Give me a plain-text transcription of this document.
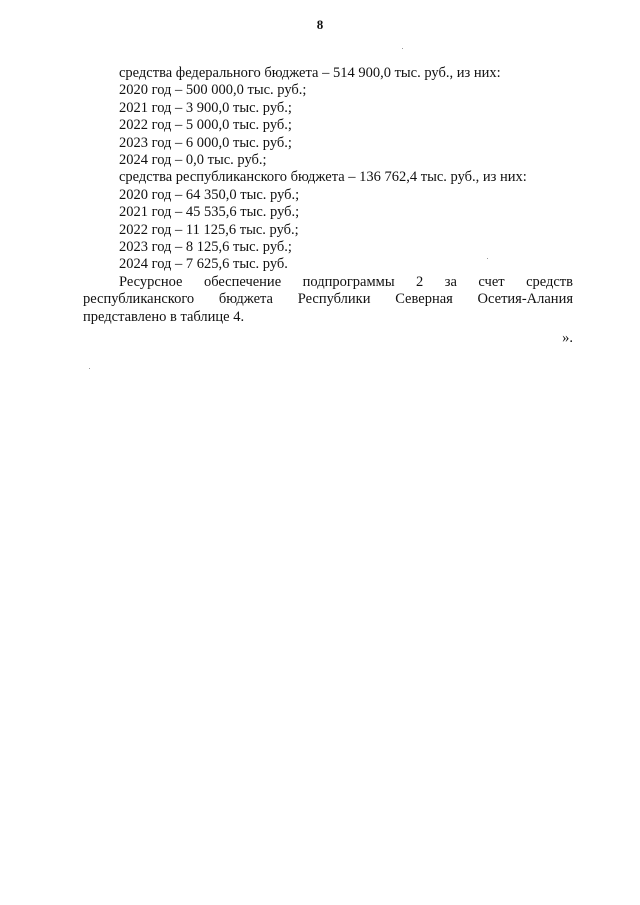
8
средства федерального бюджета – 514 900,0 тыс. руб., из них:
2020 год – 500 000,0 тыс. руб.;
2021 год – 3 900,0 тыс. руб.;
2022 год – 5 000,0 тыс. руб.;
2023 год – 6 000,0 тыс. руб.;
2024 год – 0,0 тыс. руб.;
средства республиканского бюджета – 136 762,4 тыс. руб., из них:
2020 год – 64 350,0 тыс. руб.;
2021 год – 45 535,6 тыс. руб.;
2022 год – 11 125,6 тыс. руб.;
2023 год – 8 125,6 тыс. руб.;
2024 год – 7 625,6 тыс. руб.
Ресурсное обеспечение подпрограммы 2 за счет средств
республиканского бюджета Республики Северная Осетия-Алания
представлено в таблице 4.
».
